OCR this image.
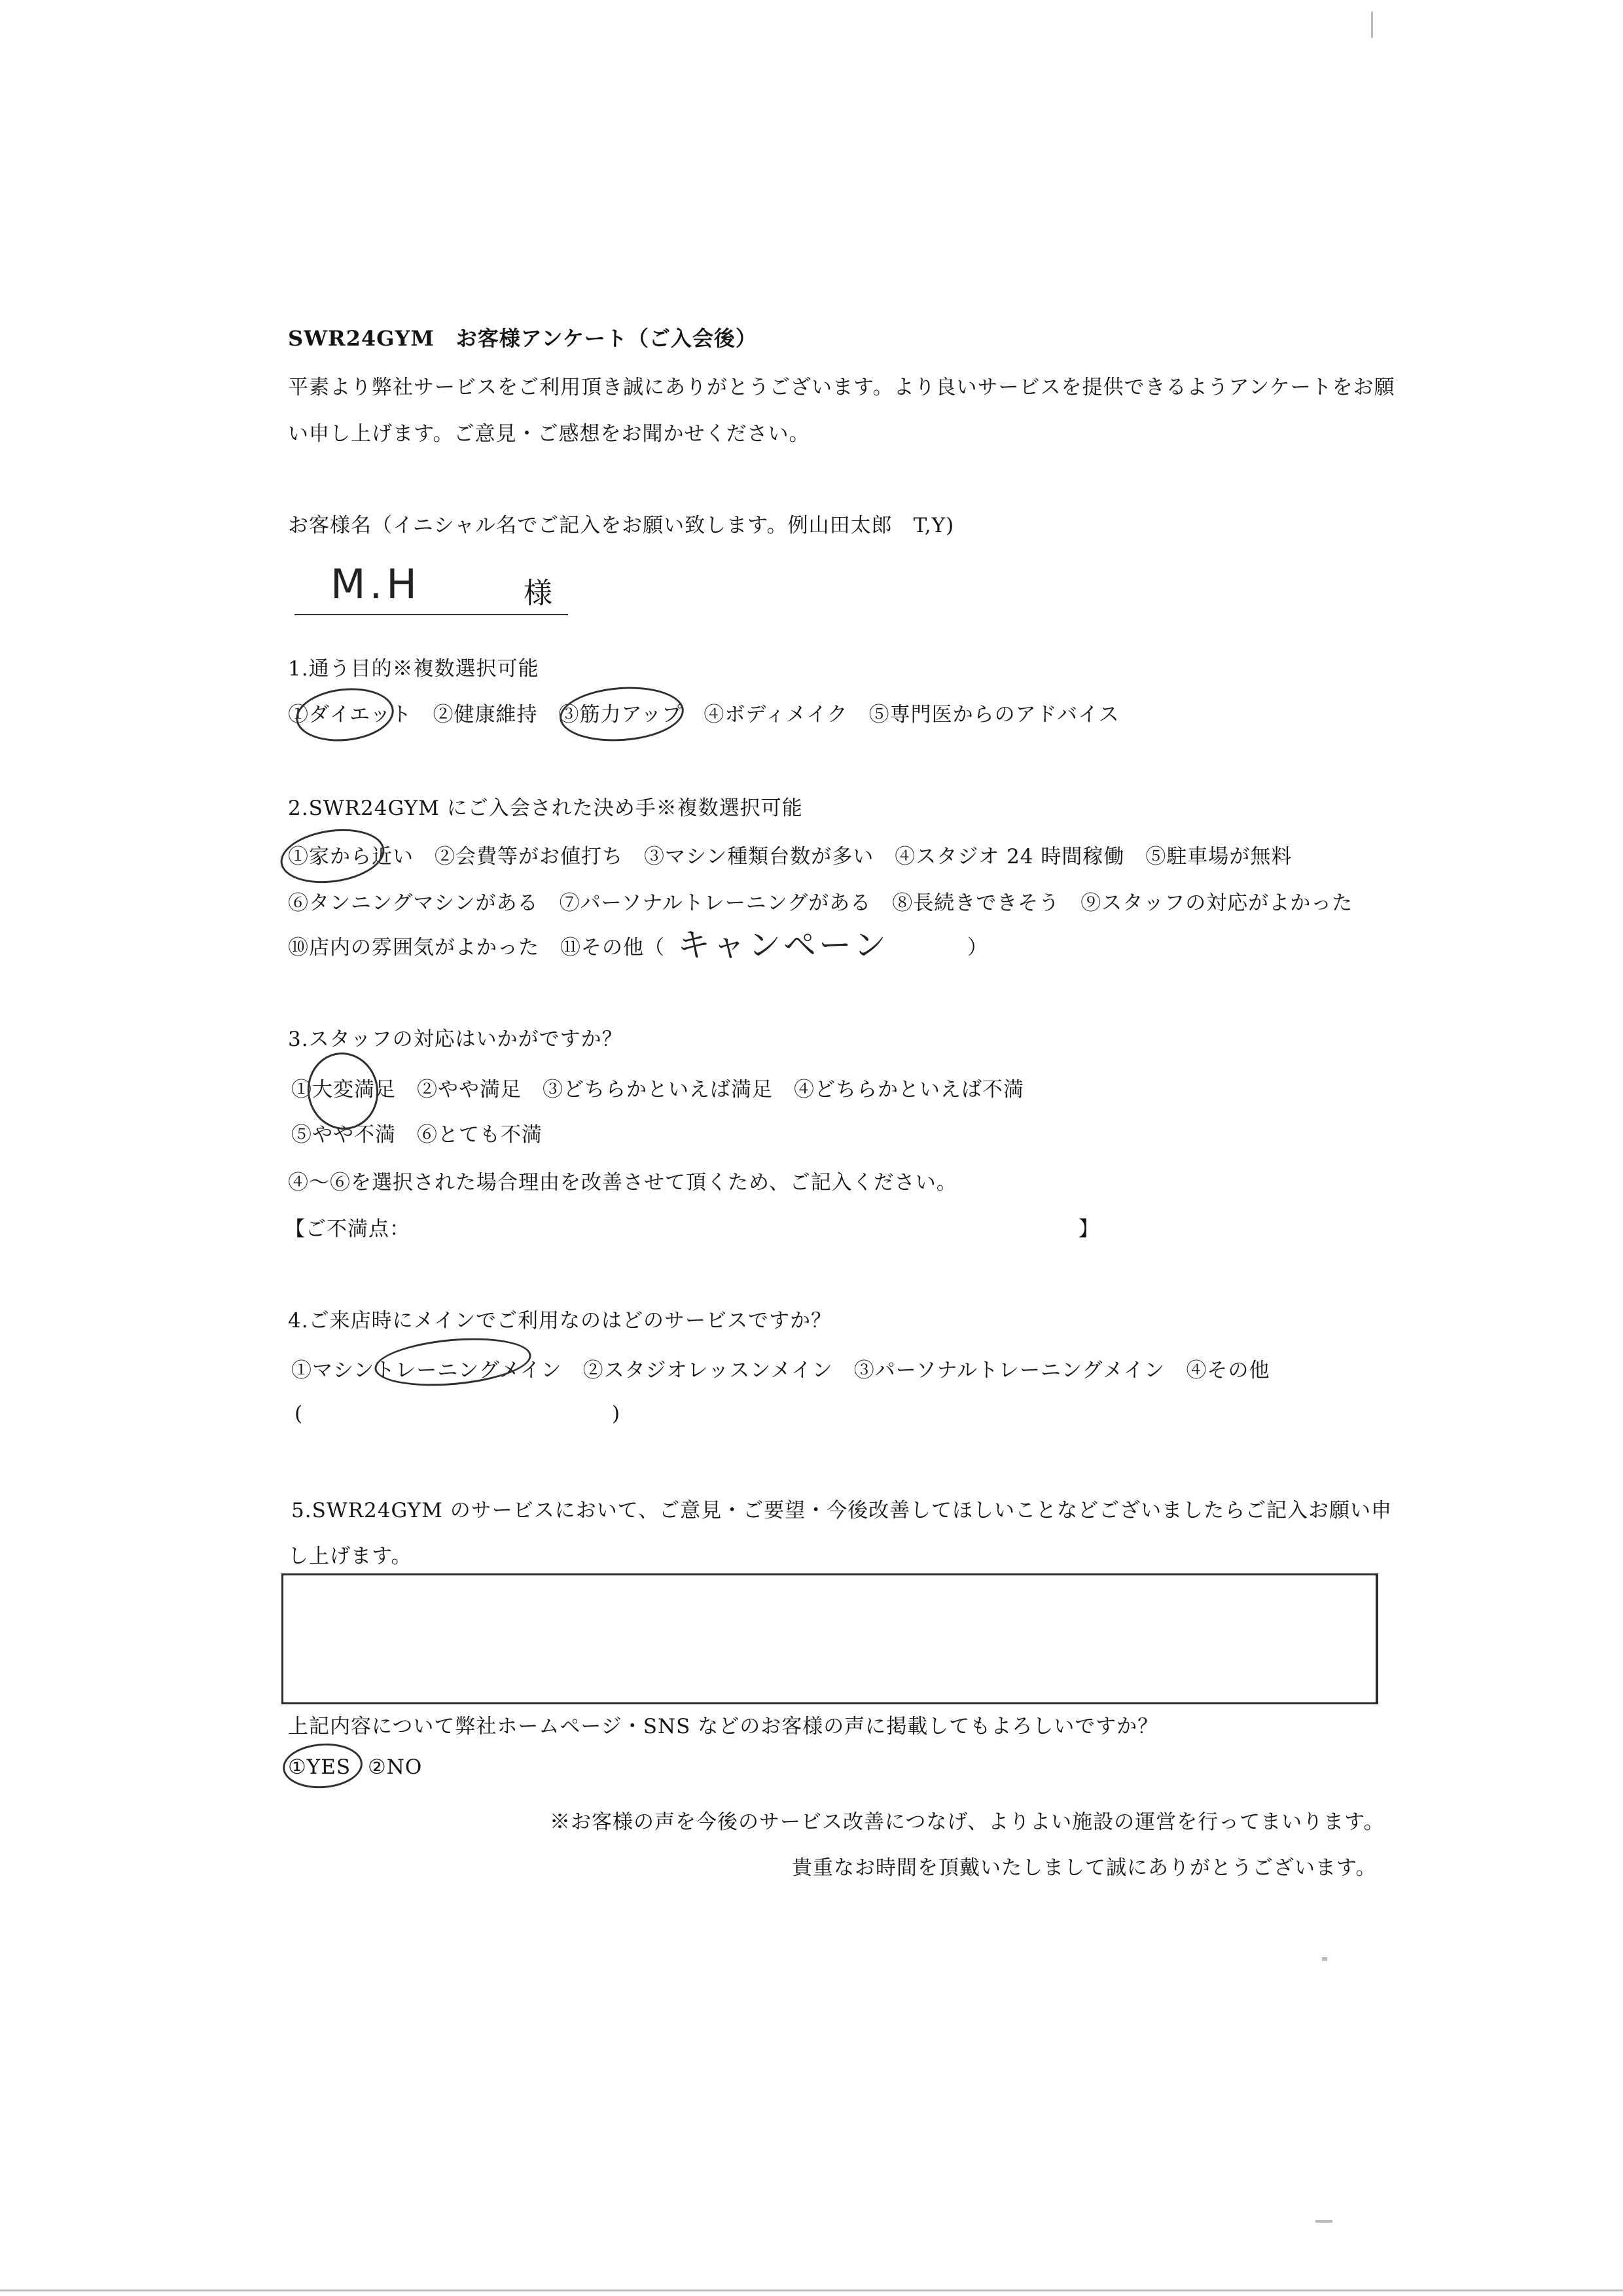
SWR24GYM　お客様アンケート（ご入会後）
平素より弊社サービスをご利用頂き誠にありがとうございます。より良いサービスを提供できるようアンケートをお願
い申し上げます。ご意見・ご感想をお聞かせください。
お客様名（イニシャル名でご記入をお願い致します。例山田太郎　T,Y)
M.H	様
1.通う目的※複数選択可能
①ダイエット　②健康維持　③筋力アップ　④ボディメイク　⑤専門医からのアドバイス
2.SWR24GYM にご入会された決め手※複数選択可能
①家から近い　②会費等がお値打ち　③マシン種類台数が多い　④スタジオ 24 時間稼働　⑤駐車場が無料
⑥タンニングマシンがある　⑦パーソナルトレーニングがある　⑧長続きできそう　⑨スタッフの対応がよかった
⑩店内の雰囲気がよかった　⑪その他（ キャンペーン	）
3.スタッフの対応はいかがですか？
①大変満足　②やや満足　③どちらかといえば満足　④どちらかといえば不満
⑤やや不満　⑥とても不満
④～⑥を選択された場合理由を改善させて頂くため、ご記入ください。
【ご不満点：	】
4.ご来店時にメインでご利用なのはどのサービスですか？
①マシントレーニングメイン　②スタジオレッスンメイン　③パーソナルトレーニングメイン　④その他
(	)
5.SWR24GYM のサービスにおいて、ご意見・ご要望・今後改善してほしいことなどございましたらご記入お願い申
し上げます。
上記内容について弊社ホームページ・SNS などのお客様の声に掲載してもよろしいですか？
①YES ②NO
※お客様の声を今後のサービス改善につなげ、よりよい施設の運営を行ってまいります。
貴重なお時間を頂戴いたしまして誠にありがとうございます。
